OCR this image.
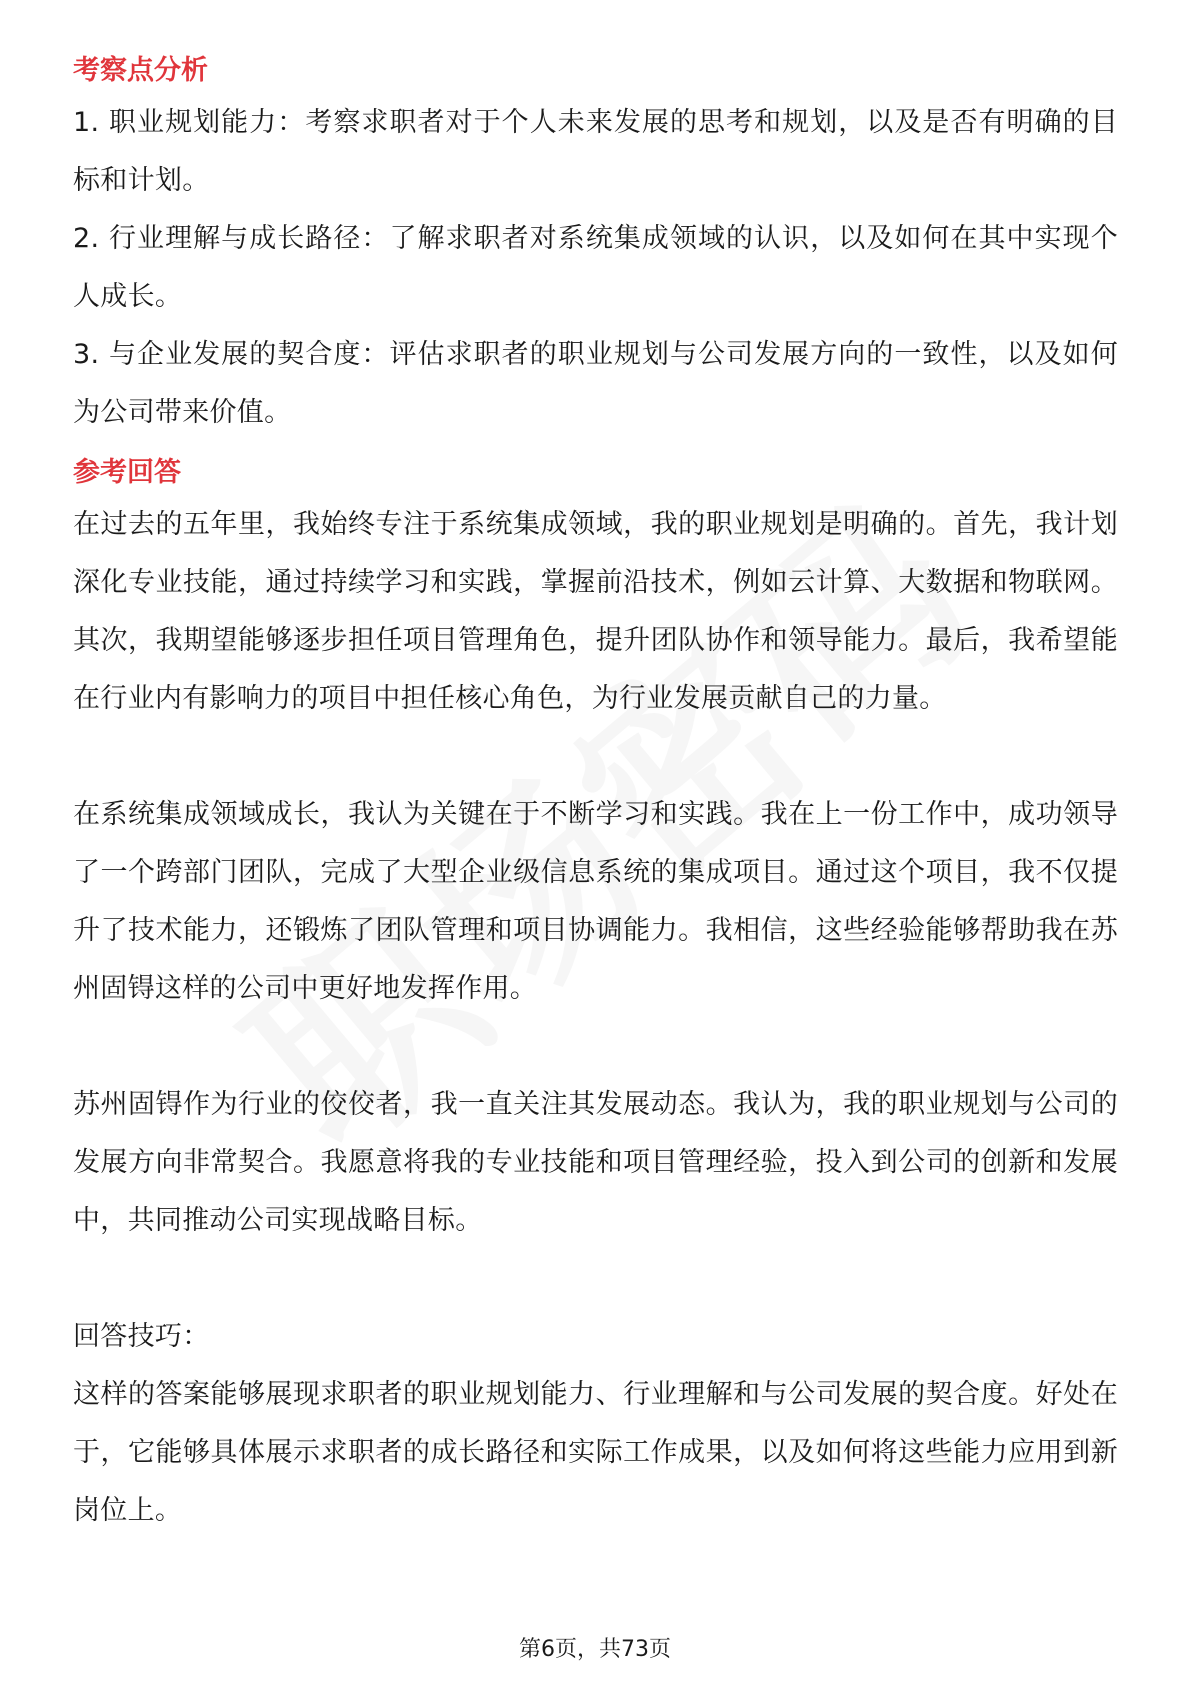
考察点分析

1. 职业规划能力：考察求职者对于个人未来发展的思考和规划，以及是否有明确的目标和计划。

2. 行业理解与成长路径：了解求职者对系统集成领域的认识，以及如何在其中实现个人成长。

3. 与企业发展的契合度：评估求职者的职业规划与公司发展方向的一致性，以及如何为公司带来价值。

参考回答

在过去的五年里，我始终专注于系统集成领域，我的职业规划是明确的。首先，我计划深化专业技能，通过持续学习和实践，掌握前沿技术，例如云计算、大数据和物联网。其次，我期望能够逐步担任项目管理角色，提升团队协作和领导能力。最后，我希望能在行业内有影响力的项目中担任核心角色，为行业发展贡献自己的力量。

在系统集成领域成长，我认为关键在于不断学习和实践。我在上一份工作中，成功领导了一个跨部门团队，完成了大型企业级信息系统的集成项目。通过这个项目，我不仅提升了技术能力，还锻炼了团队管理和项目协调能力。我相信，这些经验能够帮助我在苏州固锝这样的公司中更好地发挥作用。

苏州固锝作为行业的佼佼者，我一直关注其发展动态。我认为，我的职业规划与公司的发展方向非常契合。我愿意将我的专业技能和项目管理经验，投入到公司的创新和发展中，共同推动公司实现战略目标。

回答技巧：

这样的答案能够展现求职者的职业规划能力、行业理解和与公司发展的契合度。好处在于，它能够具体展示求职者的成长路径和实际工作成果，以及如何将这些能力应用到新岗位上。

第6页，共73页
